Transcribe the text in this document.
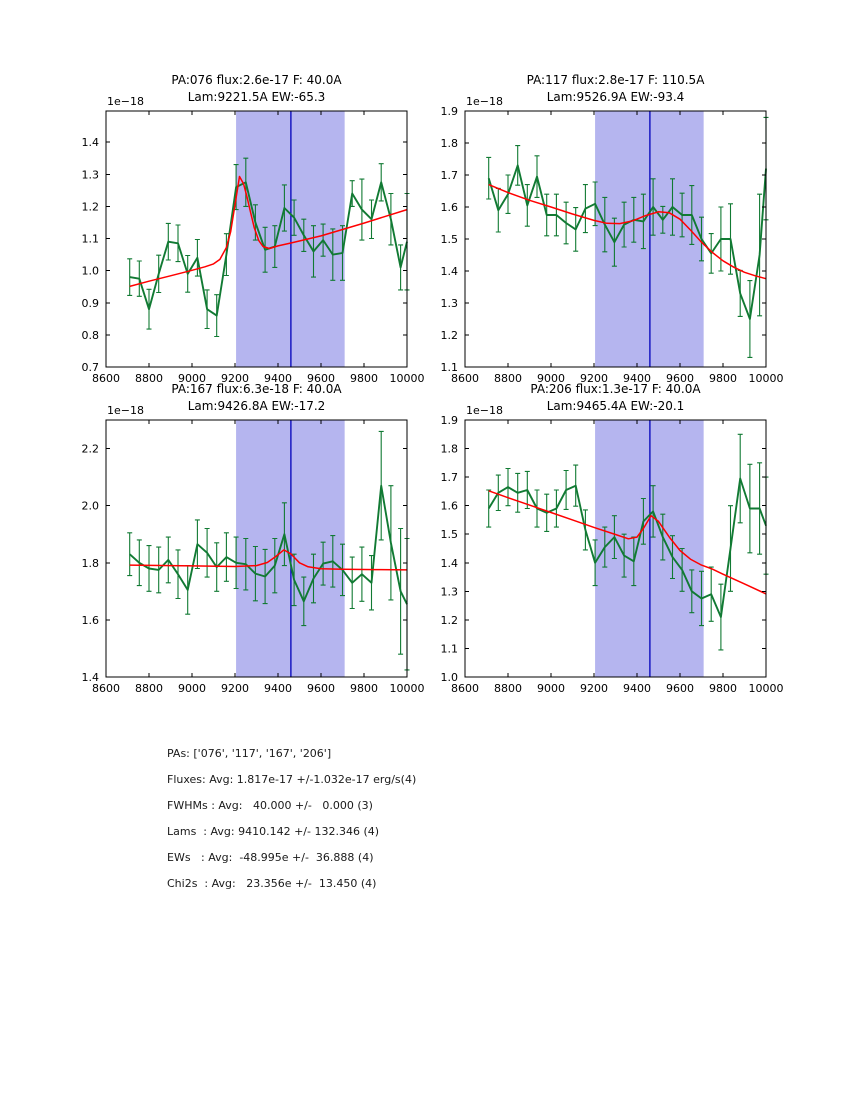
PA:076 flux:2.6e-17 F: 40.0A
Lam:9221.5A EW:-65.3
PA:117 flux:2.8e-17 F: 110.5A
Lam:9526.9A EW:-93.4
PA:167 flux:6.3e-18 F: 40.0A
Lam:9426.8A EW:-17.2
PA:206 flux:1.3e-17 F: 40.0A
Lam:9465.4A EW:-20.1
1e−18	1e−18
1e−18	1e−18
8600 8800 9000 9200 9400 9600 9800 10000
0.7
0.8
0.9
1.0
1.1
1.2
1.3
1.4
8600 8800 9000 9200 9400 9600 9800 10000
1.1
1.2
1.3
1.4
1.5
1.6
1.7
1.8
1.9
8600 8800 9000 9200 9400 9600 9800 10000
1.4
1.6
1.8
2.0
2.2
8600 8800 9000 9200 9400 9600 9800 10000
1.0
1.1
1.2
1.3
1.4
1.5
1.6
1.7
1.8
1.9
PAs: ['076', '117', '167', '206']
Fluxes: Avg: 1.817e-17 +/-1.032e-17 erg/s(4)
FWHMs : Avg:   40.000 +/-   0.000 (3)
Lams  : Avg: 9410.142 +/- 132.346 (4)
EWs   : Avg:  -48.995e +/-  36.888 (4)
Chi2s  : Avg:   23.356e +/-  13.450 (4)
